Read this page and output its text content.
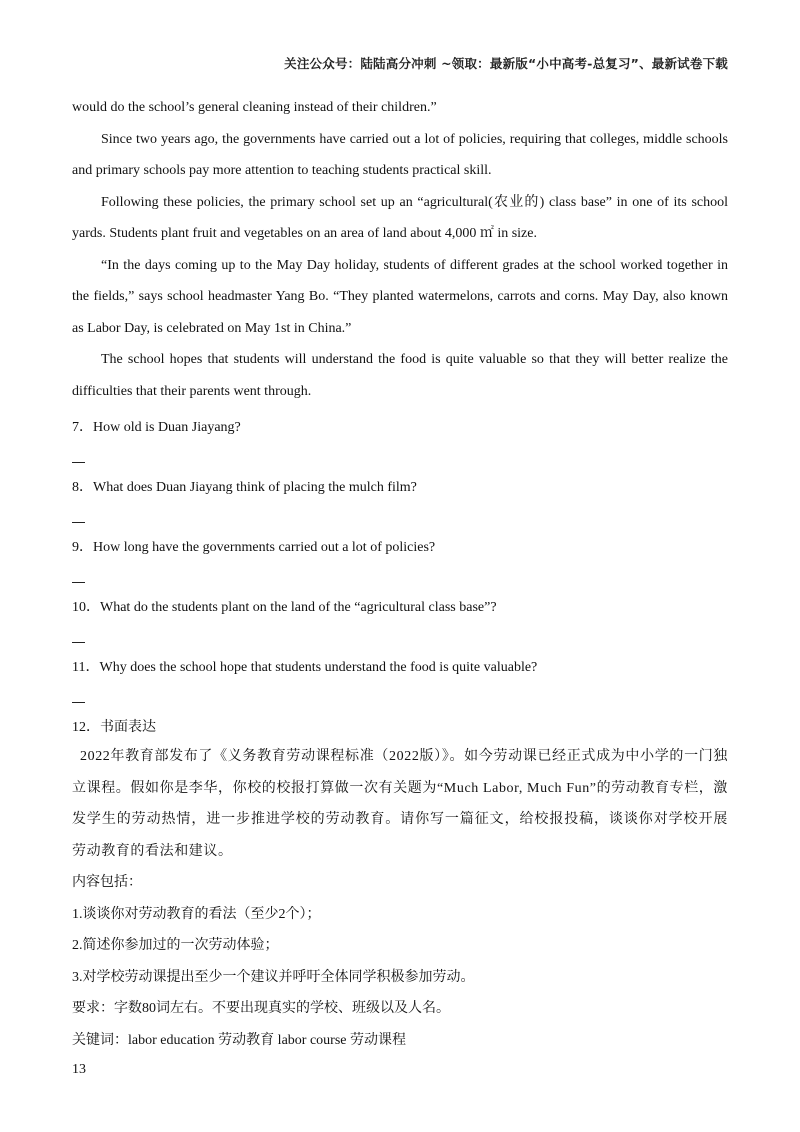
关注公众号：陆陆高分冲刺 ~领取：最新版“小中高考-总复习”、最新试卷下载

would do the school’s general cleaning instead of their children.”

Since two years ago, the governments have carried out a lot of policies, requiring that colleges, middle schools and primary schools pay more attention to teaching students practical skill.

Following these policies, the primary school set up an “agricultural(农业的) class base” in one of its school yards. Students plant fruit and vegetables on an area of land about 4,000 ㎡ in size.

“In the days coming up to the May Day holiday, students of different grades at the school worked together in the fields,” says school headmaster Yang Bo. “They planted watermelons, carrots and corns. May Day, also known as Labor Day, is celebrated on May 1st in China.”

The school hopes that students will understand the food is quite valuable so that they will better realize the difficulties that their parents went through.

7．How old is Duan Jiayang?

8．What does Duan Jiayang think of placing the mulch film?

9．How long have the governments carried out a lot of policies?

10．What do the students plant on the land of the “agricultural class base”?

11．Why does the school hope that students understand the food is quite valuable?

12．书面表达

2022年教育部发布了《义务教育劳动课程标准（2022版）》。如今劳动课已经正式成为中小学的一门独立课程。假如你是李华，你校的校报打算做一次有关题为“Much Labor, Much Fun”的劳动教育专栏，激发学生的劳动热情，进一步推进学校的劳动教育。请你写一篇征文，给校报投稿，谈谈你对学校开展劳动教育的看法和建议。

内容包括：

1.谈谈你对劳动教育的看法（至少2个）；

2.简述你参加过的一次劳动体验；

3.对学校劳动课提出至少一个建议并呼吁全体同学积极参加劳动。

要求：字数80词左右。不要出现真实的学校、班级以及人名。

关键词：labor education 劳动教育 labor course 劳动课程

13
